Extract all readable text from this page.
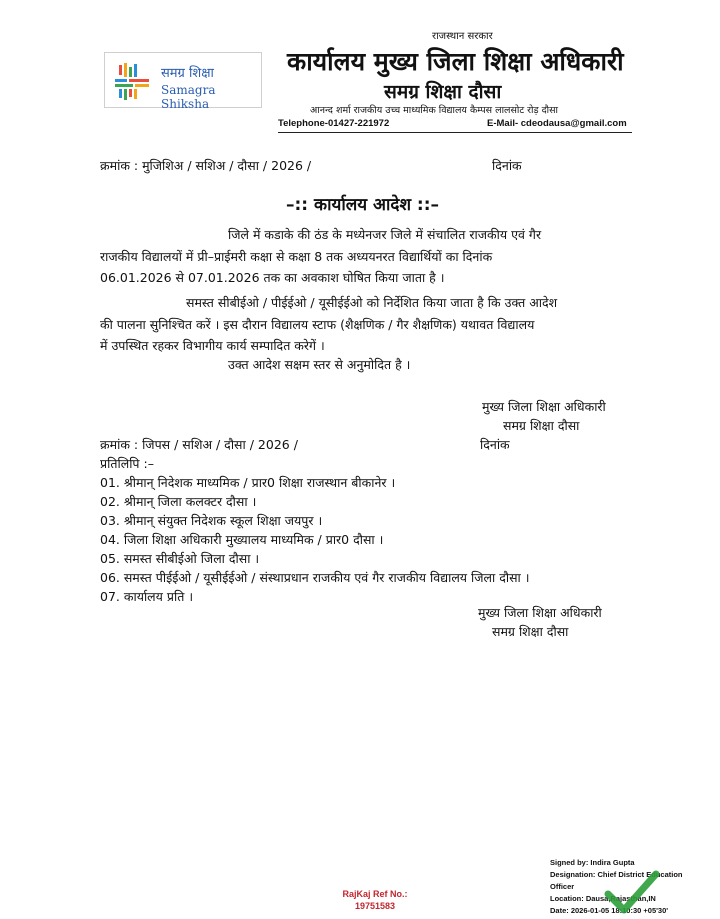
समग्र शिक्षा
Samagra Shiksha
राजस्थान सरकार
कार्यालय मुख्य जिला शिक्षा अधिकारी
समग्र शिक्षा दौसा
आनन्द शर्मा राजकीय उच्च माध्यमिक विद्यालय कैम्पस लालसोट रोड़ दौसा
Telephone-01427-221972	E-Mail- cdeodausa@gmail.com
क्रमांक : मुजिशिअ / सशिअ / दौसा / 2026 /	दिनांक
–:: कार्यालय आदेश ::–
जिले में कडाके की ठंड के मध्येनजर जिले में संचालित राजकीय एवं गैर
राजकीय विद्यालयों में प्री–प्राईमरी कक्षा से कक्षा 8 तक अध्ययनरत विद्यार्थियों का दिनांक
06.01.2026 से 07.01.2026 तक का अवकाश घोषित किया जाता है ।
समस्त सीबीईओ / पीईईओ / यूसीईईओ को निर्देशित किया जाता है कि उक्त आदेश
की पालना सुनिश्चित करें । इस दौरान विद्यालय स्टाफ (शैक्षणिक / गैर शैक्षणिक) यथावत विद्यालय
में उपस्थित रहकर विभागीय कार्य सम्पादित करेगें ।
उक्त आदेश सक्षम स्तर से अनुमोदित है ।
मुख्य जिला शिक्षा अधिकारी
समग्र शिक्षा दौसा
क्रमांक : जिपस / सशिअ / दौसा / 2026 /	दिनांक
प्रतिलिपि :–
01. श्रीमान् निदेशक माध्यमिक / प्रार0 शिक्षा राजस्थान बीकानेर ।
02. श्रीमान् जिला कलक्टर दौसा ।
03. श्रीमान् संयुक्त निदेशक स्कूल शिक्षा जयपुर ।
04. जिला शिक्षा अधिकारी मुख्यालय माध्यमिक / प्रार0 दौसा ।
05. समस्त सीबीईओ जिला दौसा ।
06. समस्त पीईईओ / यूसीईईओ / संस्थाप्रधान राजकीय एवं गैर राजकीय विद्यालय जिला दौसा ।
07. कार्यालय प्रति ।
मुख्य जिला शिक्षा अधिकारी
समग्र शिक्षा दौसा
RajKaj Ref No.:
19751583
Signed by: Indira Gupta
Designation: Chief District Education
Officer
Location: Dausa,Rajasthan,IN
Date: 2026-01-05 18:10:30 +05'30'
